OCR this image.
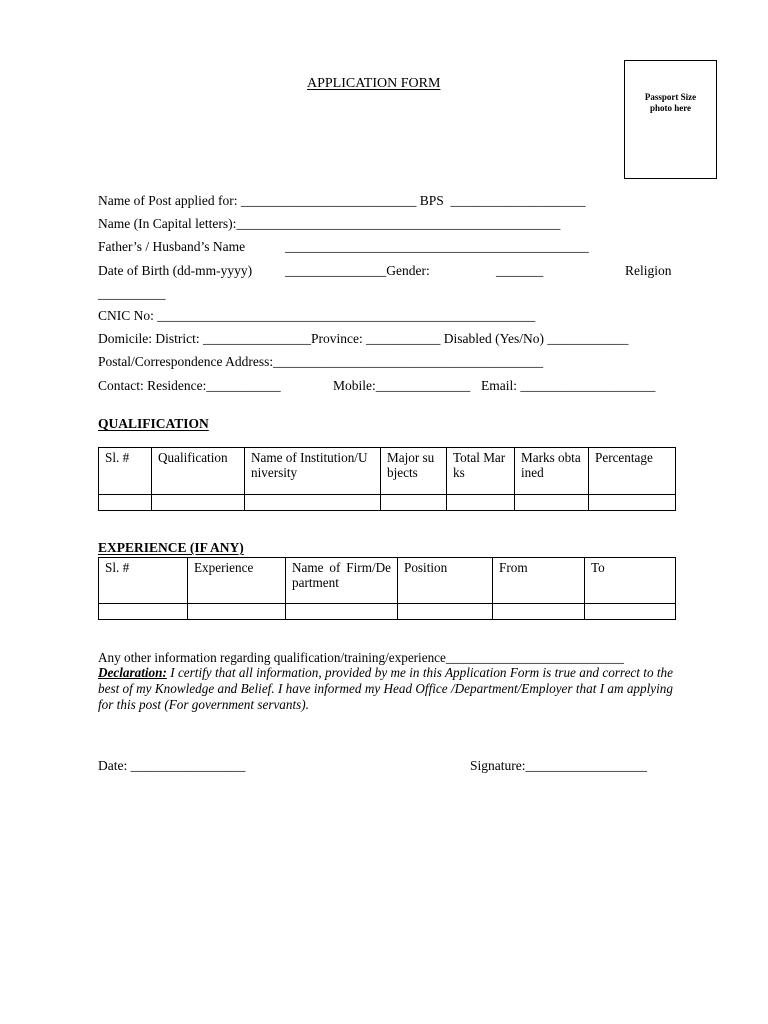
APPLICATION FORM
Passport Size
photo here
Name of Post applied for: __________________________ BPS  ____________________
Name (In Capital letters):________________________________________________
Father’s / Husband’s Name	_____________________________________________
Date of Birth (dd-mm-yyyy) _______________Gender:	_______	Religion
__________
CNIC No: ________________________________________________________
Domicile: District: ________________Province: ___________ Disabled (Yes/No) ____________
Postal/Correspondence Address:________________________________________
Contact: Residence:___________	Mobile:______________ Email: ____________________
QUALIFICATION
Sl. #	Qualification	Name of Institution/University	Major subjects	Total Marks	Marks obtained	Percentage

EXPERIENCE (IF ANY)
Sl. #	Experience	Name of Firm/Department	Position	From	To

Any other information regarding qualification/training/experience___________________________
Declaration: I certify that all information, provided by me in this Application Form is true and correct to the best of my Knowledge and Belief. I have informed my Head Office /Department/Employer that I am applying for this post (For government servants).
Date: _________________	Signature:__________________
